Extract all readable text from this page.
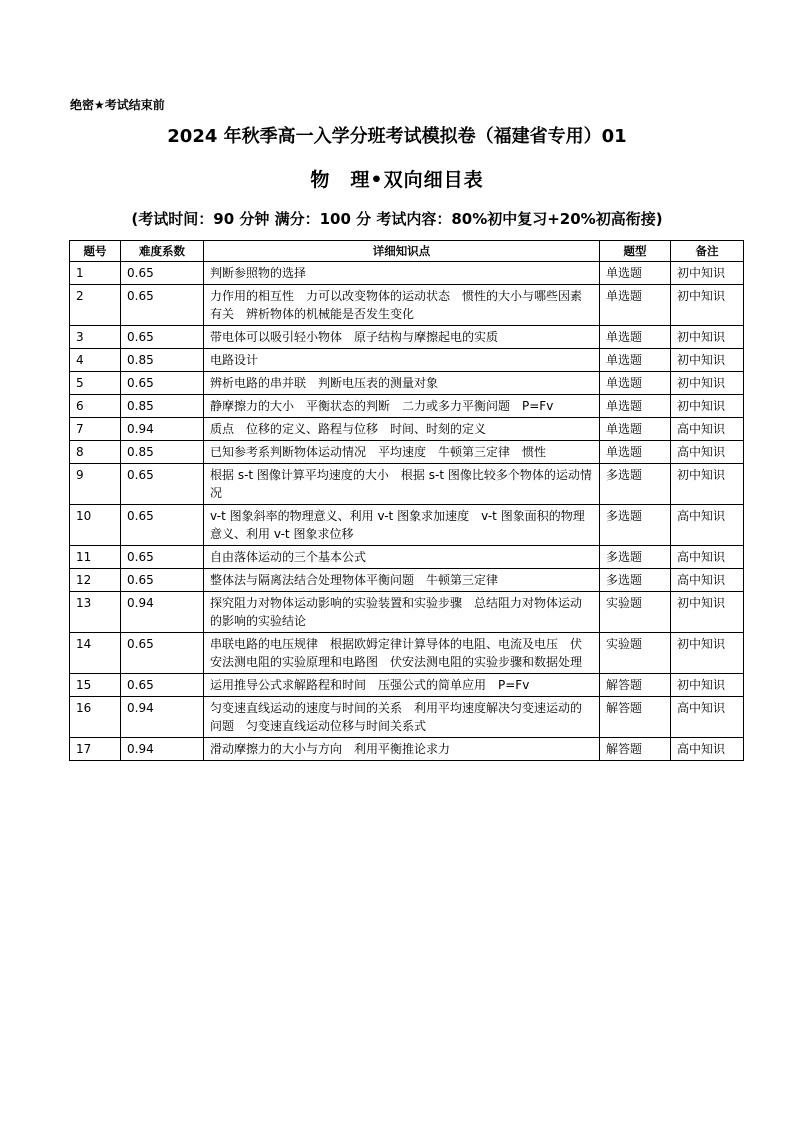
绝密★考试结束前
2024 年秋季高一入学分班考试模拟卷（福建省专用）01
物　理•双向细目表
(考试时间：90 分钟 满分：100 分 考试内容：80%初中复习+20%初高衔接)
题号	难度系数	详细知识点	题型	备注
1	0.65	判断参照物的选择	单选题	初中知识
2	0.65	力作用的相互性　力可以改变物体的运动状态　惯性的大小与哪些因素有关　辨析物体的机械能是否发生变化	单选题	初中知识
3	0.65	带电体可以吸引轻小物体　原子结构与摩擦起电的实质	单选题	初中知识
4	0.85	电路设计	单选题	初中知识
5	0.65	辨析电路的串并联　判断电压表的测量对象	单选题	初中知识
6	0.85	静摩擦力的大小　平衡状态的判断　二力或多力平衡问题　P=Fv	单选题	初中知识
7	0.94	质点　位移的定义、路程与位移　时间、时刻的定义	单选题	高中知识
8	0.85	已知参考系判断物体运动情况　平均速度　牛顿第三定律　惯性	单选题	高中知识
9	0.65	根据 s-t 图像计算平均速度的大小　根据 s-t 图像比较多个物体的运动情况	多选题	初中知识
10	0.65	v-t 图象斜率的物理意义、利用 v-t 图象求加速度　v-t 图象面积的物理意义、利用 v-t 图象求位移	多选题	高中知识
11	0.65	自由落体运动的三个基本公式	多选题	高中知识
12	0.65	整体法与隔离法结合处理物体平衡问题　牛顿第三定律	多选题	高中知识
13	0.94	探究阻力对物体运动影响的实验装置和实验步骤　总结阻力对物体运动的影响的实验结论	实验题	初中知识
14	0.65	串联电路的电压规律　根据欧姆定律计算导体的电阻、电流及电压　伏安法测电阻的实验原理和电路图　伏安法测电阻的实验步骤和数据处理	实验题	初中知识
15	0.65	运用推导公式求解路程和时间　压强公式的简单应用　P=Fv	解答题	初中知识
16	0.94	匀变速直线运动的速度与时间的关系　利用平均速度解决匀变速运动的问题　匀变速直线运动位移与时间关系式	解答题	高中知识
17	0.94	滑动摩擦力的大小与方向　利用平衡推论求力	解答题	高中知识
